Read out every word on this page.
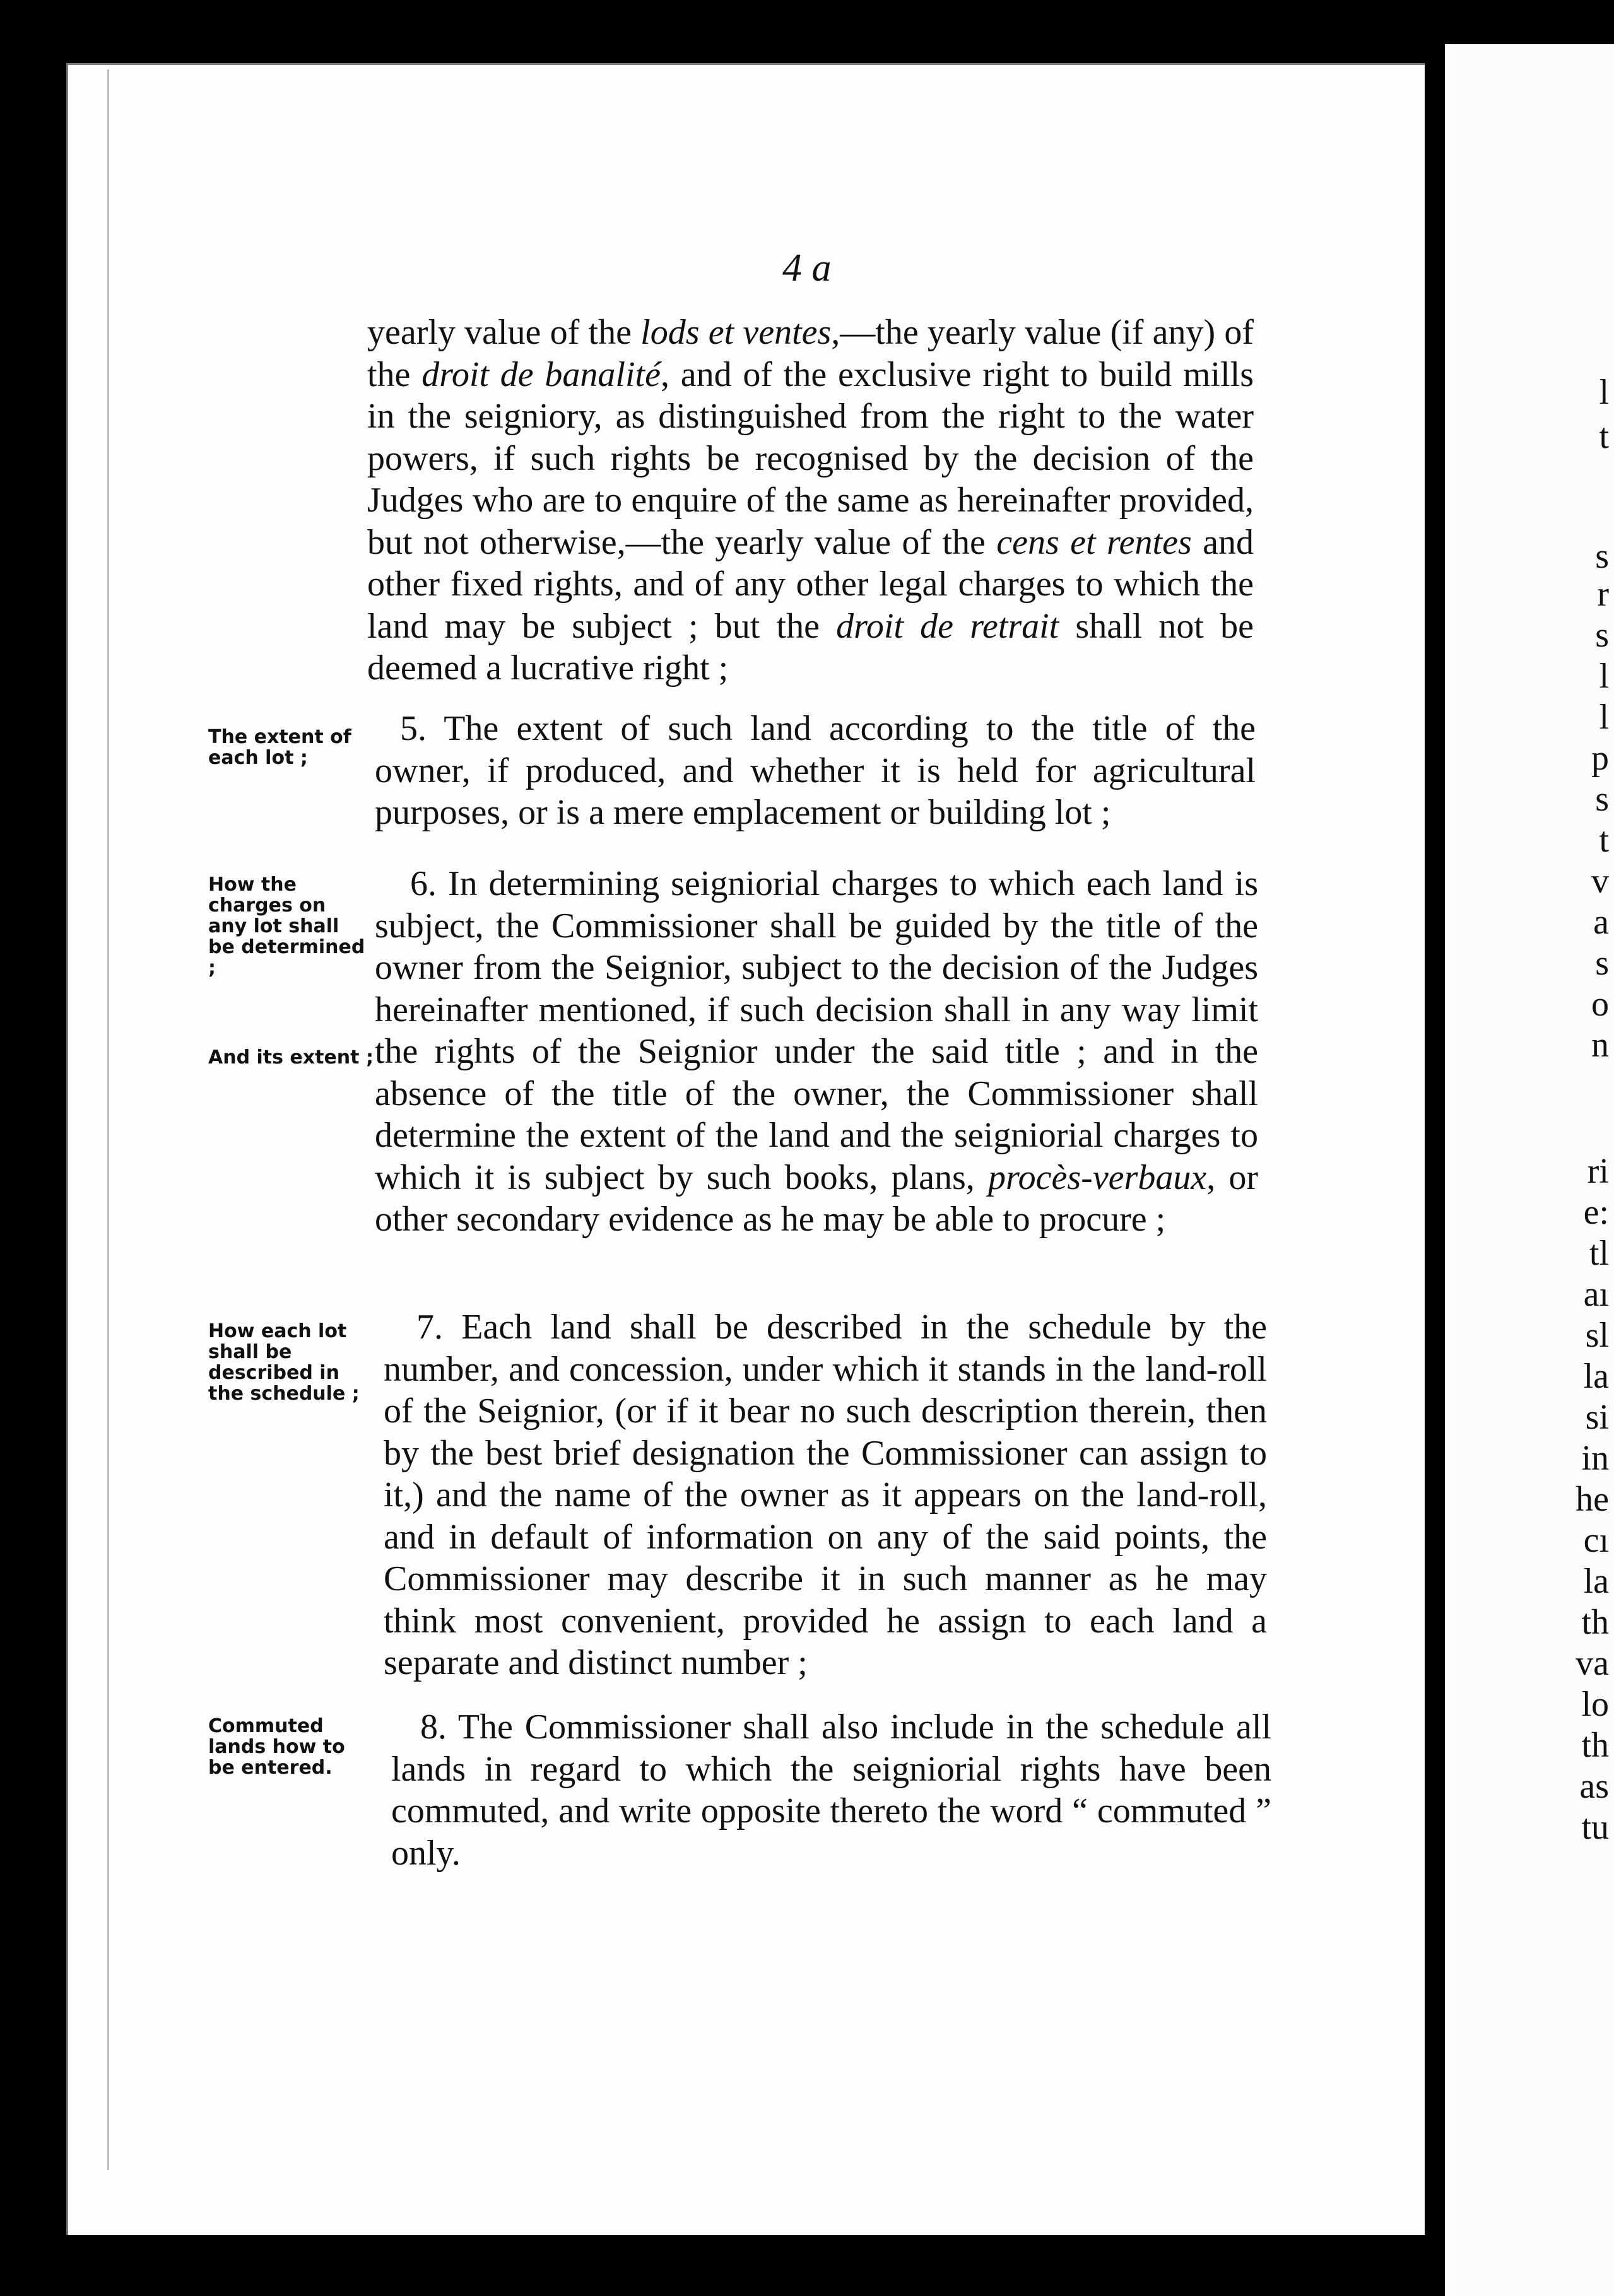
4 a
yearly value of the lods et ventes,—the yearly value (if any) of the droit de banalité, and of the exclusive right to build mills in the seigniory, as distinguished from the right to the water powers, if such rights be recognised by the decision of the Judges who are to enquire of the same as hereinafter provided, but not otherwise,—the yearly value of the cens et rentes and other fixed rights, and of any other legal charges to which the land may be subject ; but the droit de retrait shall not be deemed a lucrative right ;
The extent of each lot ;
5. The extent of such land according to the title of the owner, if produced, and whether it is held for agricultural purposes, or is a mere emplacement or building lot ;
How the charges on any lot shall be determined ;
And its extent ;
6. In determining seigniorial charges to which each land is subject, the Commissioner shall be guided by the title of the owner from the Seignior, subject to the decision of the Judges hereinafter mentioned, if such decision shall in any way limit the rights of the Seignior under the said title ; and in the absence of the title of the owner, the Commissioner shall determine the extent of the land and the seigniorial charges to which it is subject by such books, plans, procès-verbaux, or other secondary evidence as he may be able to procure ;
How each lot shall be described in the schedule ;
7. Each land shall be described in the schedule by the number, and concession, under which it stands in the land-roll of the Seignior, (or if it bear no such description therein, then by the best brief designation the Commissioner can assign to it,) and the name of the owner as it appears on the land-roll, and in default of information on any of the said points, the Commissioner may describe it in such manner as he may think most convenient, provided he assign to each land a separate and distinct number ;
Commuted lands how to be entered.
8. The Commissioner shall also include in the schedule all lands in regard to which the seigniorial rights have been commuted, and write opposite thereto the word “ commuted ” only.
l
t
s
r
s
l
l
p
s
t
v
a
s
o
n
ri
e:
tl
aı
sl
la
si
in
he
cı
la
th
va
lo
th
as
tu
